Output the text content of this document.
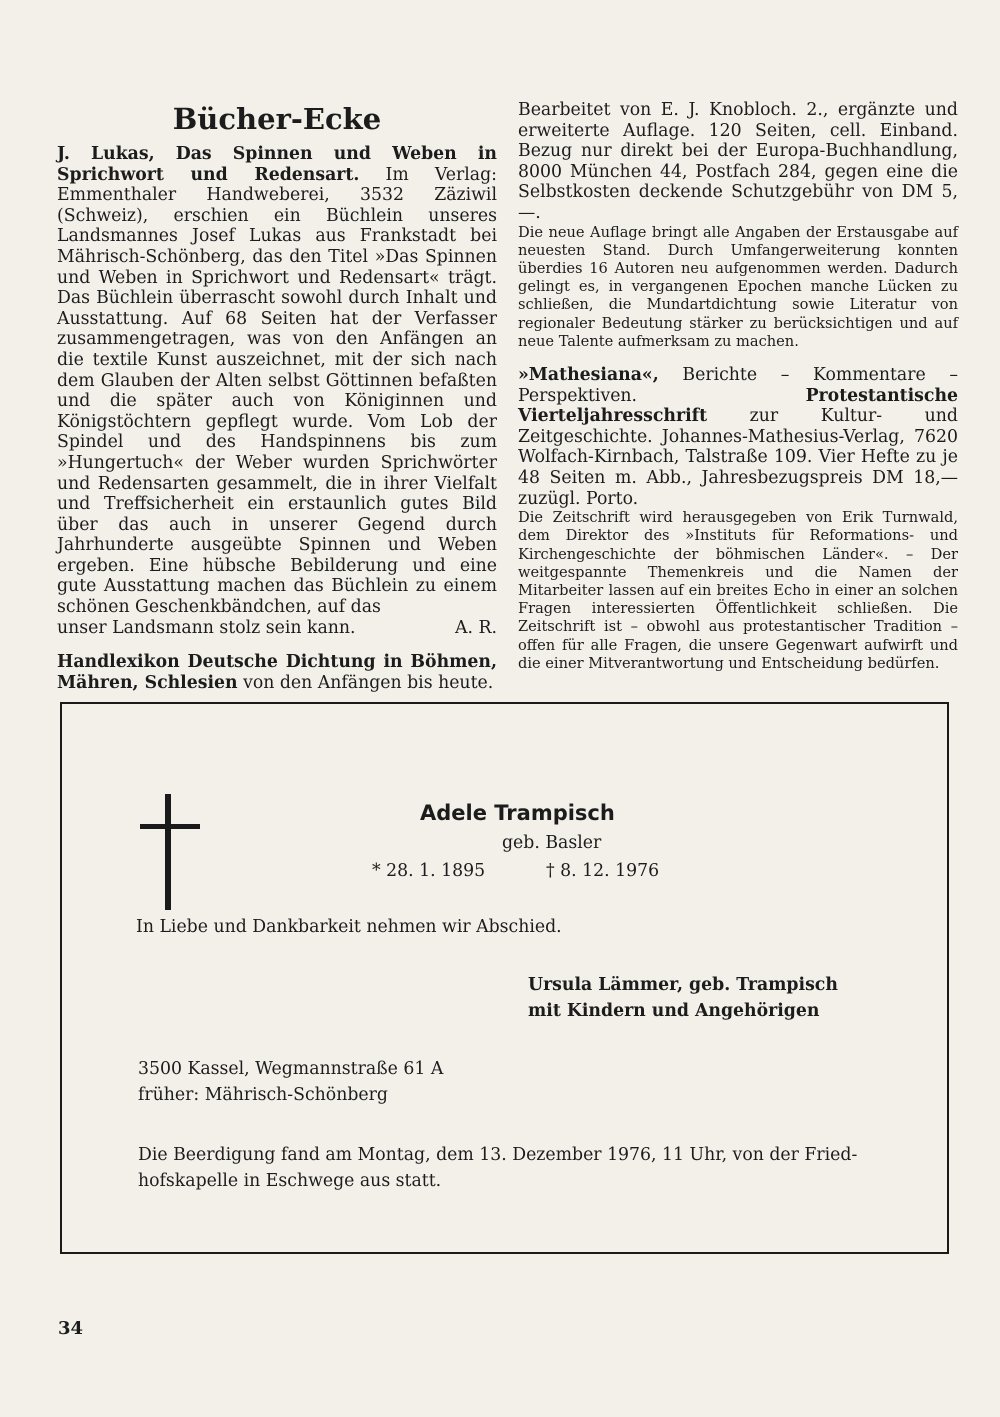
Bücher-Ecke

J. Lukas, Das Spinnen und Weben in Sprichwort und Redensart. Im Verlag: Emmenthaler Handweberei, 3532 Zäziwil (Schweiz), erschien ein Büchlein unseres Landsmannes Josef Lukas aus Frankstadt bei Mährisch-Schönberg, das den Titel »Das Spinnen und Weben in Sprichwort und Redensart« trägt. Das Büchlein überrascht sowohl durch Inhalt und Ausstattung. Auf 68 Seiten hat der Verfasser zusammengetragen, was von den Anfängen an die textile Kunst auszeichnet, mit der sich nach dem Glauben der Alten selbst Göttinnen befaßten und die später auch von Königinnen und Königstöchtern gepflegt wurde. Vom Lob der Spindel und des Handspinnens bis zum »Hungertuch« der Weber wurden Sprichwörter und Redensarten gesammelt, die in ihrer Vielfalt und Treffsicherheit ein erstaunlich gutes Bild über das auch in unserer Gegend durch Jahrhunderte ausgeübte Spinnen und Weben ergeben. Eine hübsche Bebilderung und eine gute Ausstattung machen das Büchlein zu einem schönen Geschenkbändchen, auf das

unser Landsmann stolz sein kann.	A. R.

Handlexikon Deutsche Dichtung in Böhmen, Mähren, Schlesien von den Anfängen bis heute.

Bearbeitet von E. J. Knobloch. 2., ergänzte und erweiterte Auflage. 120 Seiten, cell. Einband. Bezug nur direkt bei der Europa-Buchhandlung, 8000 München 44, Postfach 284, gegen eine die Selbstkosten deckende Schutzgebühr von DM 5,—.

Die neue Auflage bringt alle Angaben der Erstausgabe auf neuesten Stand. Durch Umfangerweiterung konnten überdies 16 Autoren neu aufgenommen werden. Dadurch gelingt es, in vergangenen Epochen manche Lücken zu schließen, die Mundartdichtung sowie Literatur von regionaler Bedeutung stärker zu berücksichtigen und auf neue Talente aufmerksam zu machen.

»Mathesiana«, Berichte – Kommentare – Perspektiven. Protestantische Vierteljahresschrift zur Kultur- und Zeitgeschichte. Johannes-Mathesius-Verlag, 7620 Wolfach-Kirnbach, Talstraße 109. Vier Hefte zu je 48 Seiten m. Abb., Jahresbezugspreis DM 18,— zuzügl. Porto.

Die Zeitschrift wird herausgegeben von Erik Turnwald, dem Direktor des »Instituts für Reformations- und Kirchengeschichte der böhmischen Länder«. – Der weitgespannte Themenkreis und die Namen der Mitarbeiter lassen auf ein breites Echo in einer an solchen Fragen interessierten Öffentlichkeit schließen. Die Zeitschrift ist – obwohl aus protestantischer Tradition – offen für alle Fragen, die unsere Gegenwart aufwirft und die einer Mitverantwortung und Entscheidung bedürfen.

Adele Trampisch
geb. Basler
* 28. 1. 1895	† 8. 12. 1976
In Liebe und Dankbarkeit nehmen wir Abschied.
Ursula Lämmer, geb. Trampisch
mit Kindern und Angehörigen
3500 Kassel, Wegmannstraße 61 A
früher: Mährisch-Schönberg
Die Beerdigung fand am Montag, dem 13. Dezember 1976, 11 Uhr, von der Fried-
hofskapelle in Eschwege aus statt.
34
